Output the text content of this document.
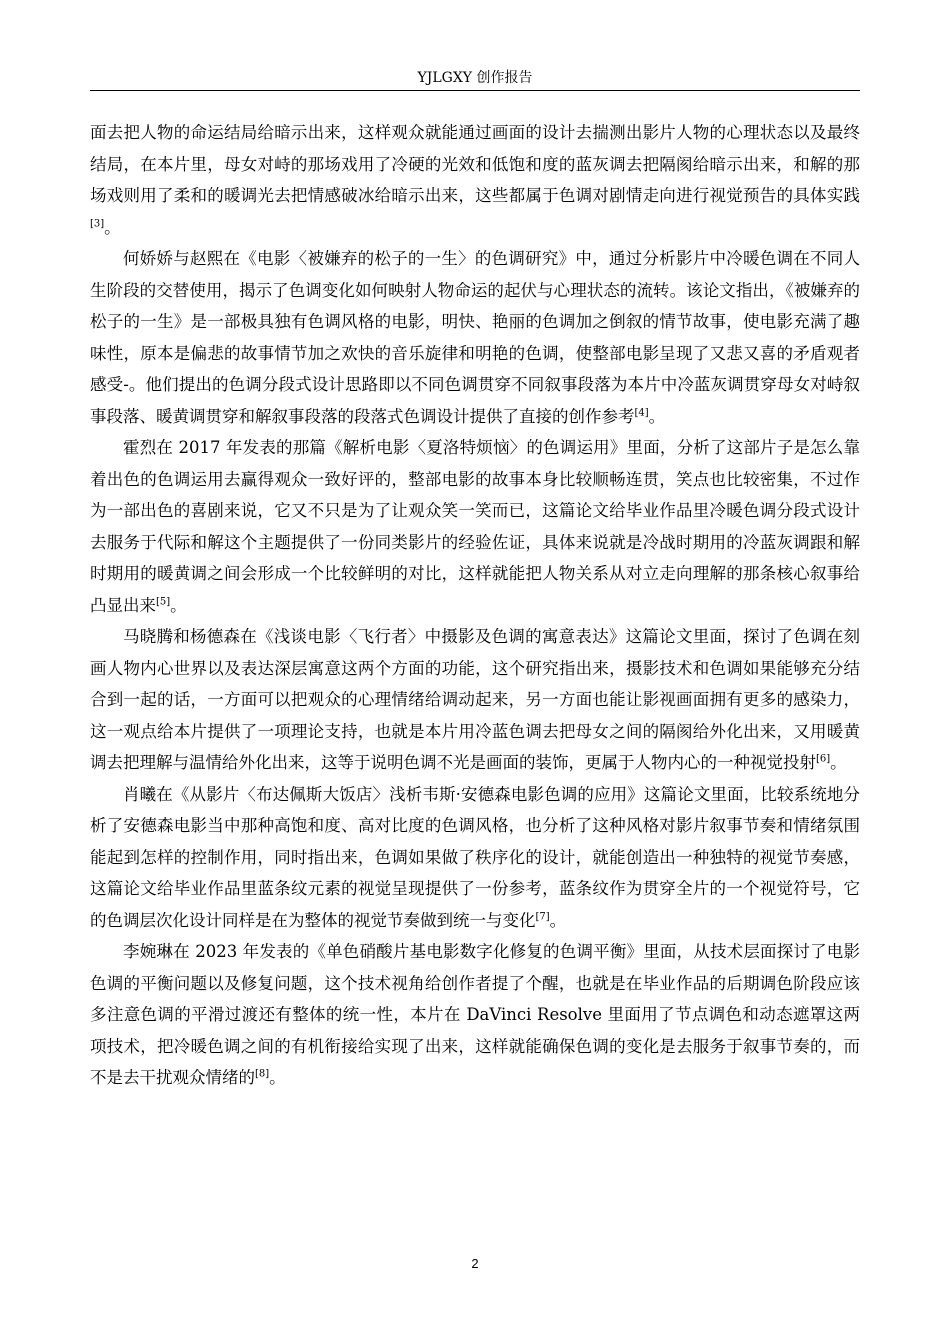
YJLGXY 创作报告

面去把人物的命运结局给暗示出来，这样观众就能通过画面的设计去揣测出影片人物的心理状态以及最终结局，在本片里，母女对峙的那场戏用了冷硬的光效和低饱和度的蓝灰调去把隔阂给暗示出来，和解的那场戏则用了柔和的暖调光去把情感破冰给暗示出来，这些都属于色调对剧情走向进行视觉预告的具体实践[3]。

何娇娇与赵熙在《电影〈被嫌弃的松子的一生〉的色调研究》中，通过分析影片中冷暖色调在不同人生阶段的交替使用，揭示了色调变化如何映射人物命运的起伏与心理状态的流转。该论文指出，《被嫌弃的松子的一生》是一部极具独有色调风格的电影，明快、艳丽的色调加之倒叙的情节故事，使电影充满了趣味性，原本是偏悲的故事情节加之欢快的音乐旋律和明艳的色调，使整部电影呈现了又悲又喜的矛盾观者感受-。他们提出的色调分段式设计思路即以不同色调贯穿不同叙事段落为本片中冷蓝灰调贯穿母女对峙叙事段落、暖黄调贯穿和解叙事段落的段落式色调设计提供了直接的创作参考[4]。

霍烈在 2017 年发表的那篇《解析电影〈夏洛特烦恼〉的色调运用》里面，分析了这部片子是怎么靠着出色的色调运用去赢得观众一致好评的，整部电影的故事本身比较顺畅连贯，笑点也比较密集，不过作为一部出色的喜剧来说，它又不只是为了让观众笑一笑而已，这篇论文给毕业作品里冷暖色调分段式设计去服务于代际和解这个主题提供了一份同类影片的经验佐证，具体来说就是冷战时期用的冷蓝灰调跟和解时期用的暖黄调之间会形成一个比较鲜明的对比，这样就能把人物关系从对立走向理解的那条核心叙事给凸显出来[5]。

马晓腾和杨德森在《浅谈电影〈飞行者〉中摄影及色调的寓意表达》这篇论文里面，探讨了色调在刻画人物内心世界以及表达深层寓意这两个方面的功能，这个研究指出来，摄影技术和色调如果能够充分结合到一起的话，一方面可以把观众的心理情绪给调动起来，另一方面也能让影视画面拥有更多的感染力，这一观点给本片提供了一项理论支持，也就是本片用冷蓝色调去把母女之间的隔阂给外化出来，又用暖黄调去把理解与温情给外化出来，这等于说明色调不光是画面的装饰，更属于人物内心的一种视觉投射[6]。

肖曦在《从影片〈布达佩斯大饭店〉浅析韦斯·安德森电影色调的应用》这篇论文里面，比较系统地分析了安德森电影当中那种高饱和度、高对比度的色调风格，也分析了这种风格对影片叙事节奏和情绪氛围能起到怎样的控制作用，同时指出来，色调如果做了秩序化的设计，就能创造出一种独特的视觉节奏感，这篇论文给毕业作品里蓝条纹元素的视觉呈现提供了一份参考，蓝条纹作为贯穿全片的一个视觉符号，它的色调层次化设计同样是在为整体的视觉节奏做到统一与变化[7]。

李婉琳在 2023 年发表的《单色硝酸片基电影数字化修复的色调平衡》里面，从技术层面探讨了电影色调的平衡问题以及修复问题，这个技术视角给创作者提了个醒，也就是在毕业作品的后期调色阶段应该多注意色调的平滑过渡还有整体的统一性，本片在 DaVinci Resolve 里面用了节点调色和动态遮罩这两项技术，把冷暖色调之间的有机衔接给实现了出来，这样就能确保色调的变化是去服务于叙事节奏的，而不是去干扰观众情绪的[8]。

2
